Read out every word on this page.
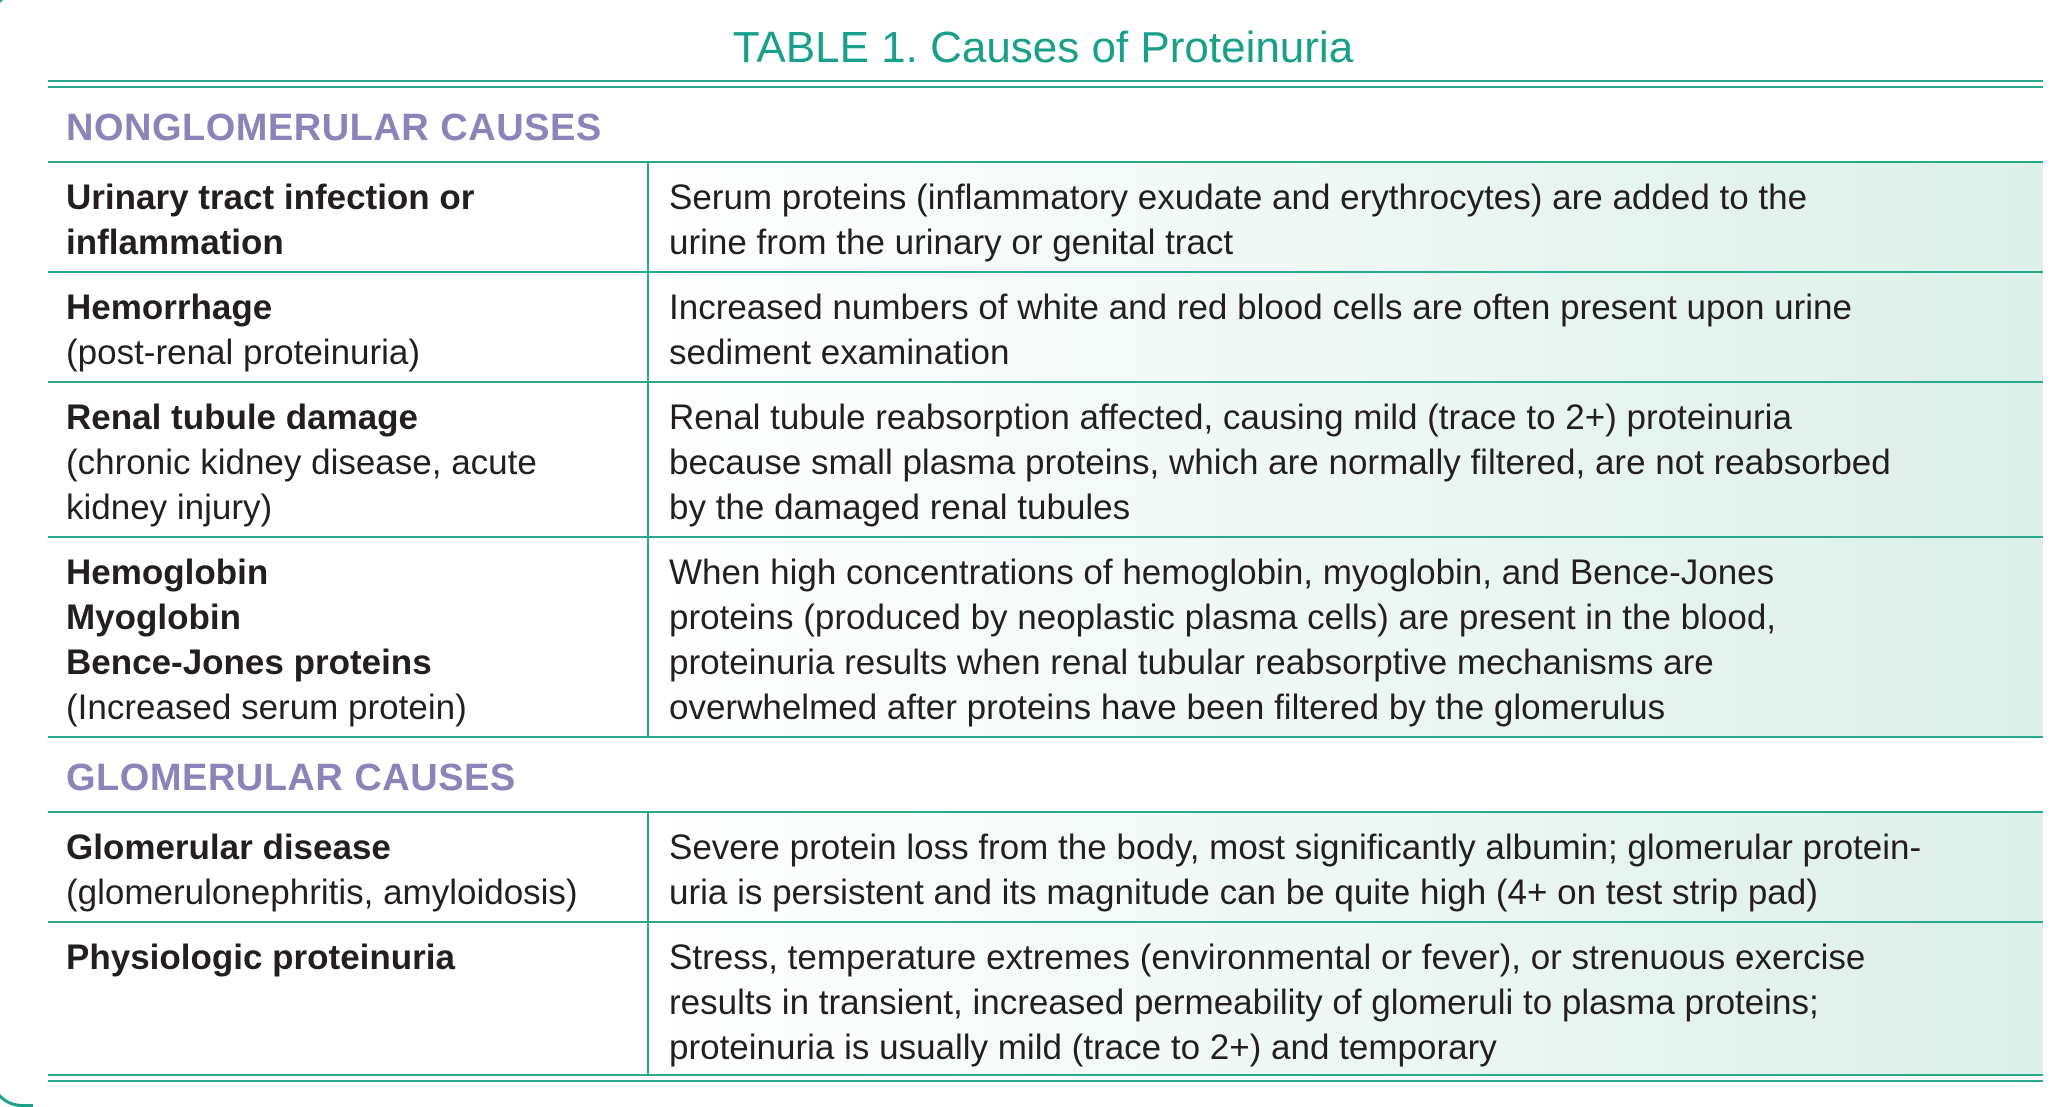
TABLE 1. Causes of Proteinuria
NONGLOMERULAR CAUSES
Urinary tract infection or
inflammation
Serum proteins (inflammatory exudate and erythrocytes) are added to the
urine from the urinary or genital tract
Hemorrhage
(post-renal proteinuria)
Increased numbers of white and red blood cells are often present upon urine
sediment examination
Renal tubule damage
(chronic kidney disease, acute
kidney injury)
Renal tubule reabsorption affected, causing mild (trace to 2+) proteinuria
because small plasma proteins, which are normally filtered, are not reabsorbed
by the damaged renal tubules
Hemoglobin
Myoglobin
Bence-Jones proteins
(Increased serum protein)
When high concentrations of hemoglobin, myoglobin, and Bence-Jones
proteins (produced by neoplastic plasma cells) are present in the blood,
proteinuria results when renal tubular reabsorptive mechanisms are
overwhelmed after proteins have been filtered by the glomerulus
GLOMERULAR CAUSES
Glomerular disease
(glomerulonephritis, amyloidosis)
Severe protein loss from the body, most significantly albumin; glomerular protein-
uria is persistent and its magnitude can be quite high (4+ on test strip pad)
Physiologic proteinuria	Stress, temperature extremes (environmental or fever), or strenuous exercise
results in transient, increased permeability of glomeruli to plasma proteins;
proteinuria is usually mild (trace to 2+) and temporary
